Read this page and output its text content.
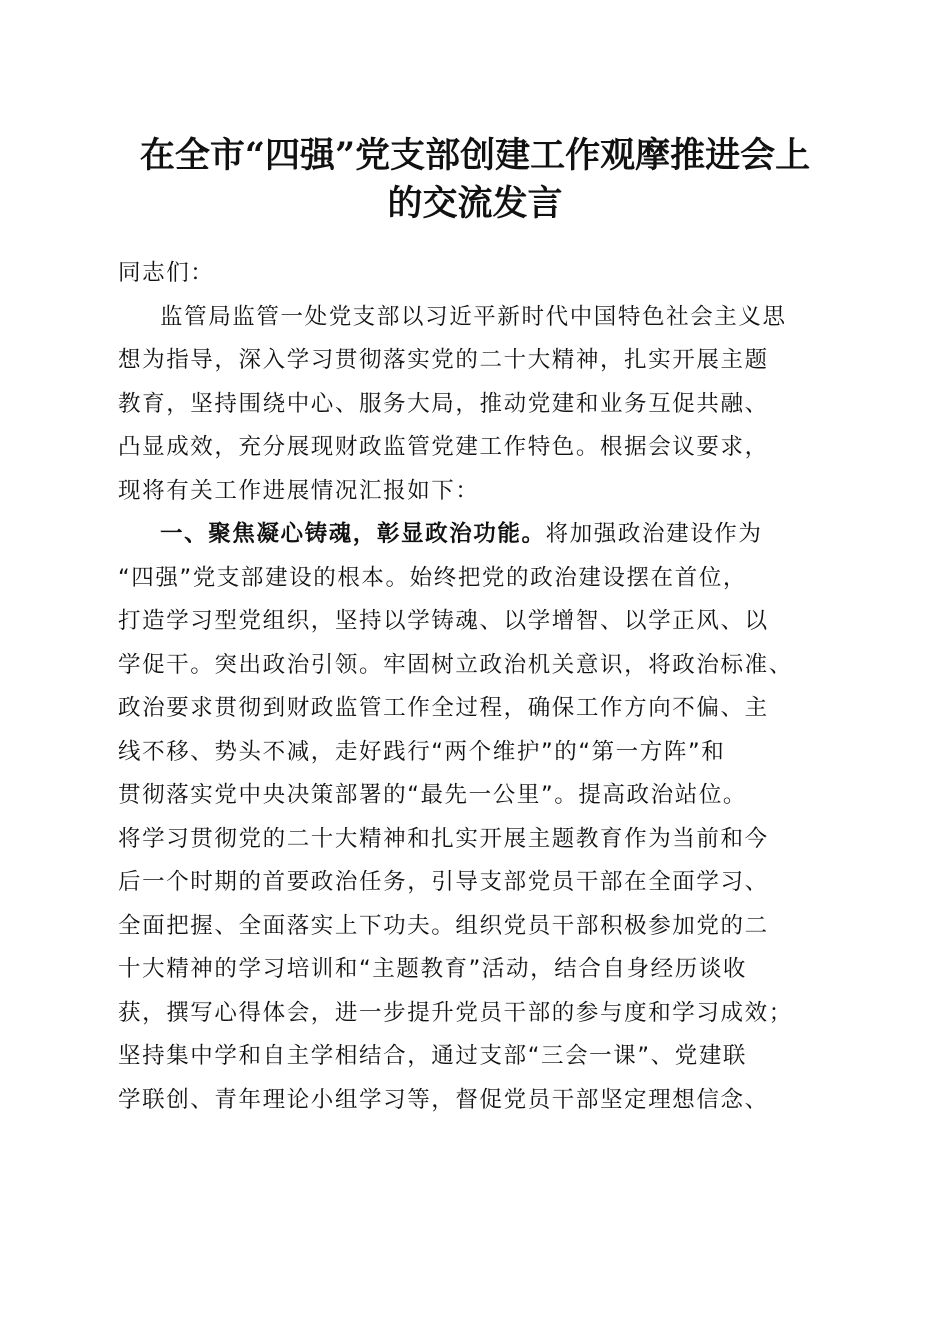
在全市“四强”党支部创建工作观摩推进会上
的交流发言
同志们：
监管局监管一处党支部以习近平新时代中国特色社会主义思
想为指导，深入学习贯彻落实党的二十大精神，扎实开展主题
教育，坚持围绕中心、服务大局，推动党建和业务互促共融、
凸显成效，充分展现财政监管党建工作特色。根据会议要求，
现将有关工作进展情况汇报如下：
一、聚焦凝心铸魂，彰显政治功能。将加强政治建设作为
“四强”党支部建设的根本。始终把党的政治建设摆在首位，
打造学习型党组织，坚持以学铸魂、以学增智、以学正风、以
学促干。突出政治引领。牢固树立政治机关意识，将政治标准、
政治要求贯彻到财政监管工作全过程，确保工作方向不偏、主
线不移、势头不减，走好践行“两个维护”的“第一方阵”和
贯彻落实党中央决策部署的“最先一公里”。提高政治站位。
将学习贯彻党的二十大精神和扎实开展主题教育作为当前和今
后一个时期的首要政治任务，引导支部党员干部在全面学习、
全面把握、全面落实上下功夫。组织党员干部积极参加党的二
十大精神的学习培训和“主题教育”活动，结合自身经历谈收
获，撰写心得体会，进一步提升党员干部的参与度和学习成效；
坚持集中学和自主学相结合，通过支部“三会一课”、党建联
学联创、青年理论小组学习等，督促党员干部坚定理想信念、
